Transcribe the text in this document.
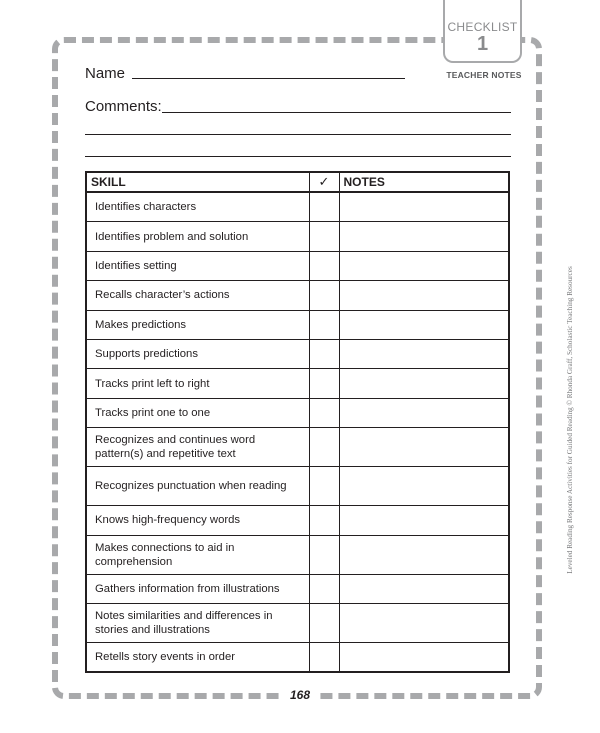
CHECKLIST
1
TEACHER NOTES
Name
Comments:
SKILL	✓	NOTES
Identifies characters		
Identifies problem and solution		
Identifies setting		
Recalls character’s actions		
Makes predictions		
Supports predictions		
Tracks print left to right		
Tracks print one to one		
Recognizes and continues word pattern(s) and repetitive text		
Recognizes punctuation when reading		
Knows high-frequency words		
Makes connections to aid in comprehension		
Gathers information from illustrations		
Notes similarities and differences in stories and illustrations		
Retells story events in order		
Leveled Reading Response Activities for Guided Reading © Rhonda Graff, Scholastic Teaching Resources
168
